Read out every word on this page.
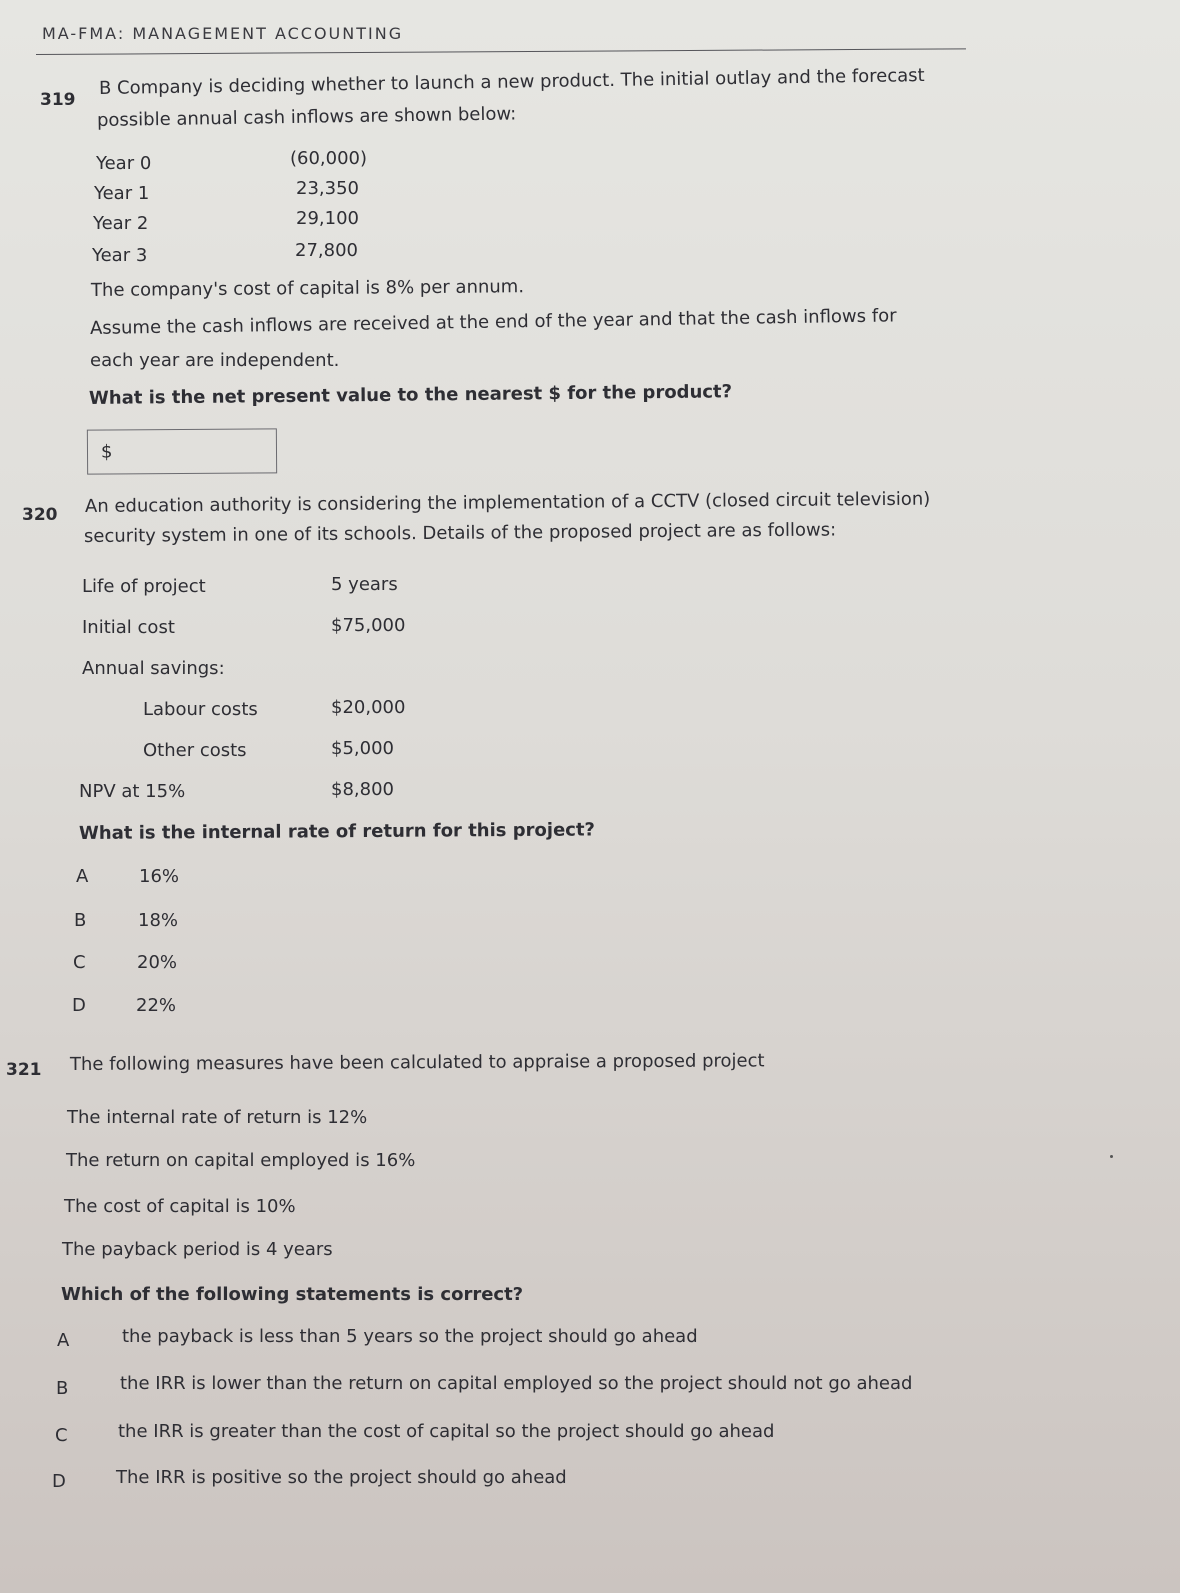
MA-FMA: MANAGEMENT ACCOUNTING
319
B Company is deciding whether to launch a new product. The initial outlay and the forecast
possible annual cash inflows are shown below:
Year 0	(60,000)
Year 1	23,350
Year 2	29,100
Year 3	27,800
The company's cost of capital is 8% per annum.
Assume the cash inflows are received at the end of the year and that the cash inflows for
each year are independent.
What is the net present value to the nearest $ for the product?
$
320 An education authority is considering the implementation of a CCTV (closed circuit television)
security system in one of its schools. Details of the proposed project are as follows:
Life of project	5 years
Initial cost	$75,000
Annual savings:
Labour costs	$20,000
Other costs	$5,000
NPV at 15%	$8,800
What is the internal rate of return for this project?
A	16%
B	18%
C	20%
D	22%
321 The following measures have been calculated to appraise a proposed project
The internal rate of return is 12%
The return on capital employed is 16%
The cost of capital is 10%
The payback period is 4 years
Which of the following statements is correct?
A	the payback is less than 5 years so the project should go ahead
B	the IRR is lower than the return on capital employed so the project should not go ahead
C	the IRR is greater than the cost of capital so the project should go ahead
D	The IRR is positive so the project should go ahead
